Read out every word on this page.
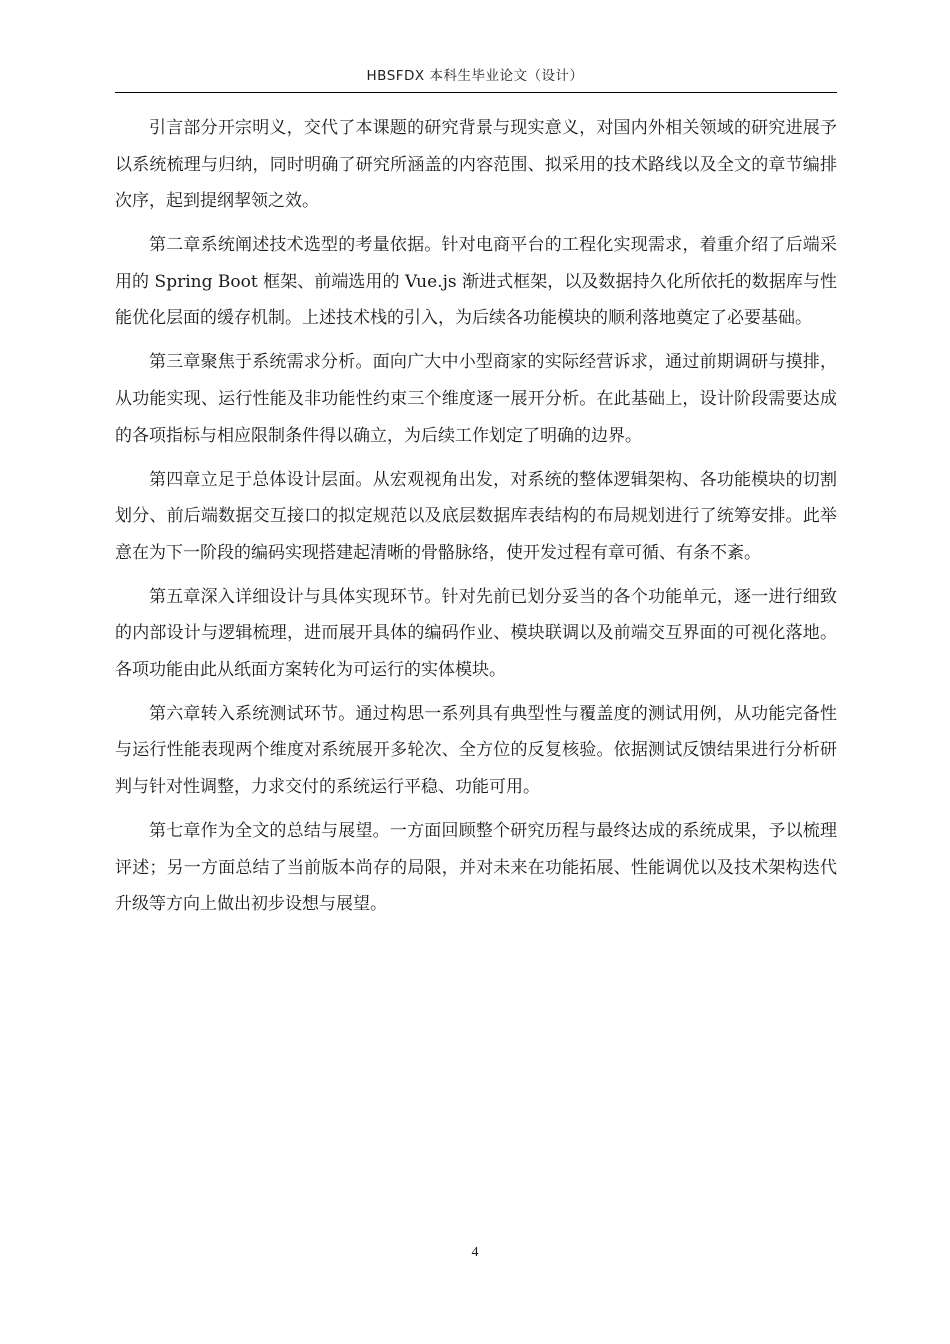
HBSFDX 本科生毕业论文（设计）

引言部分开宗明义，交代了本课题的研究背景与现实意义，对国内外相关领域的研究进展予以系统梳理与归纳，同时明确了研究所涵盖的内容范围、拟采用的技术路线以及全文的章节编排次序，起到提纲挈领之效。

第二章系统阐述技术选型的考量依据。针对电商平台的工程化实现需求，着重介绍了后端采用的 Spring Boot 框架、前端选用的 Vue.js 渐进式框架，以及数据持久化所依托的数据库与性能优化层面的缓存机制。上述技术栈的引入，为后续各功能模块的顺利落地奠定了必要基础。

第三章聚焦于系统需求分析。面向广大中小型商家的实际经营诉求，通过前期调研与摸排，从功能实现、运行性能及非功能性约束三个维度逐一展开分析。在此基础上，设计阶段需要达成的各项指标与相应限制条件得以确立，为后续工作划定了明确的边界。

第四章立足于总体设计层面。从宏观视角出发，对系统的整体逻辑架构、各功能模块的切割划分、前后端数据交互接口的拟定规范以及底层数据库表结构的布局规划进行了统筹安排。此举意在为下一阶段的编码实现搭建起清晰的骨骼脉络，使开发过程有章可循、有条不紊。

第五章深入详细设计与具体实现环节。针对先前已划分妥当的各个功能单元，逐一进行细致的内部设计与逻辑梳理，进而展开具体的编码作业、模块联调以及前端交互界面的可视化落地。各项功能由此从纸面方案转化为可运行的实体模块。

第六章转入系统测试环节。通过构思一系列具有典型性与覆盖度的测试用例，从功能完备性与运行性能表现两个维度对系统展开多轮次、全方位的反复核验。依据测试反馈结果进行分析研判与针对性调整，力求交付的系统运行平稳、功能可用。

第七章作为全文的总结与展望。一方面回顾整个研究历程与最终达成的系统成果，予以梳理评述；另一方面总结了当前版本尚存的局限，并对未来在功能拓展、性能调优以及技术架构迭代升级等方向上做出初步设想与展望。

4
